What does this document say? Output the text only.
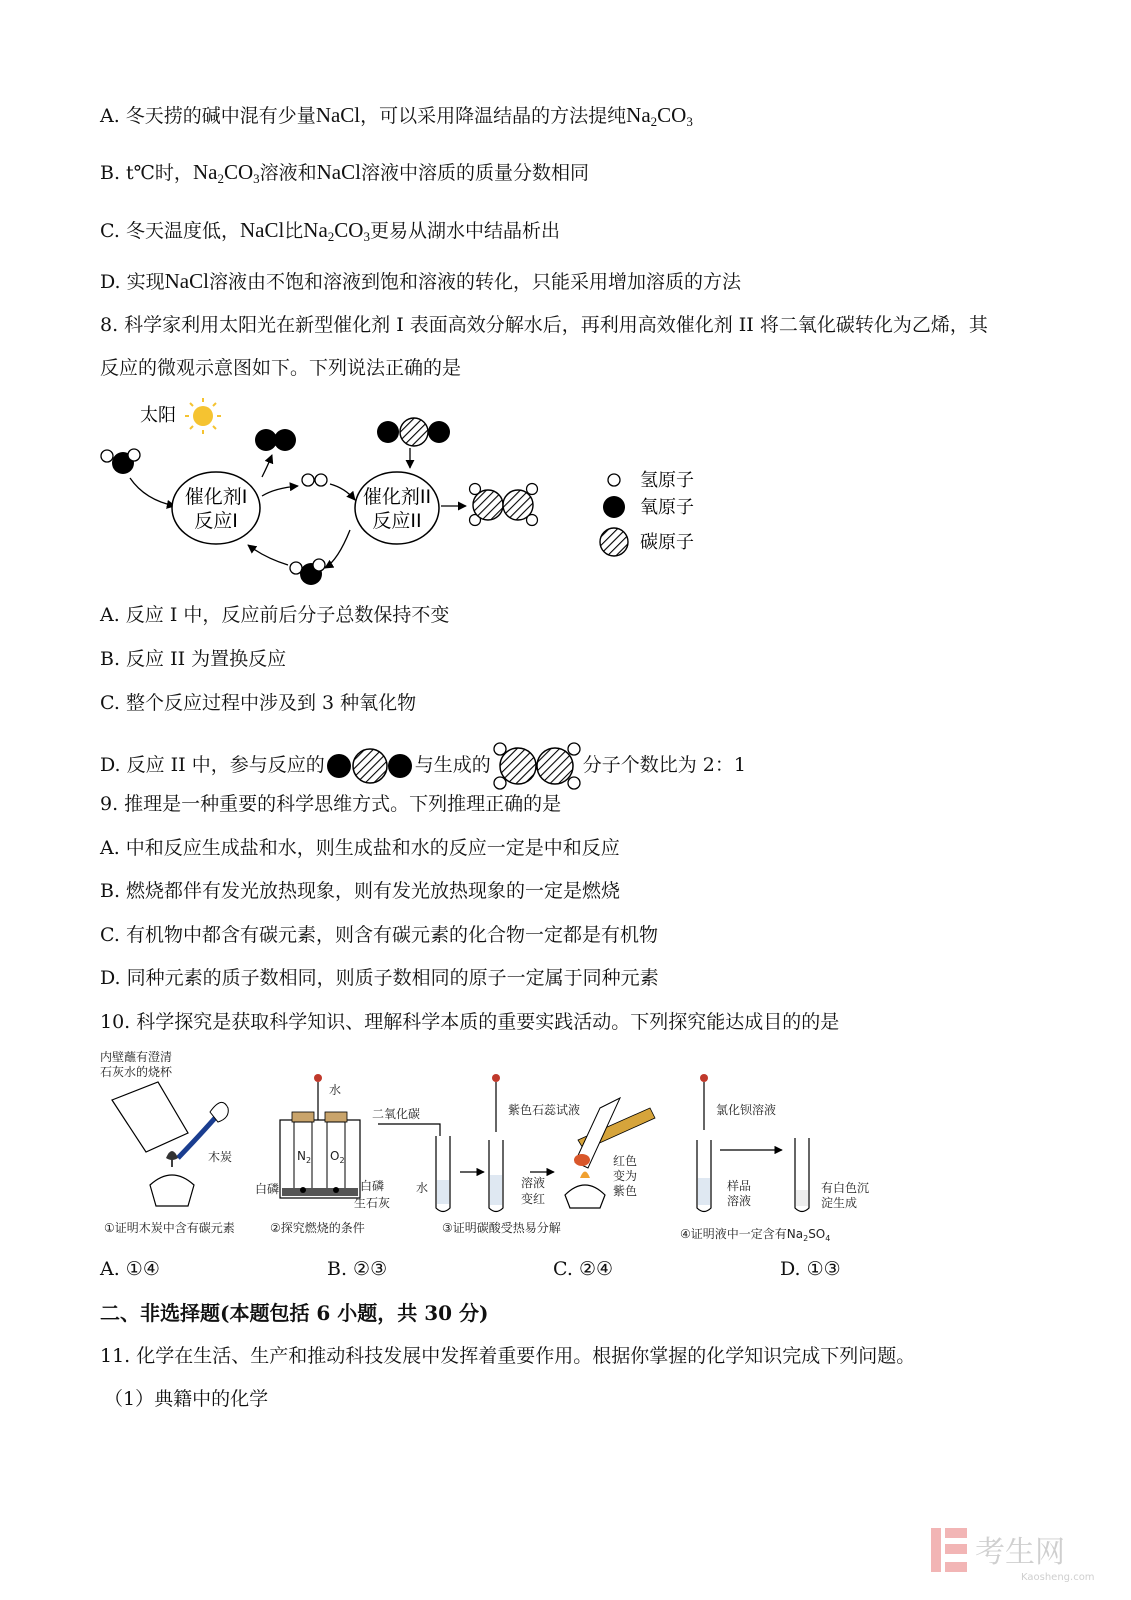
A. 冬天捞的碱中混有少量NaCl，可以采用降温结晶的方法提纯$Na_2CO_3$
B. t℃时，$Na_2CO_3$溶液和NaCl溶液中溶质的质量分数相同
C. 冬天温度低，NaCl比$Na_2CO_3$更易从湖水中结晶析出
D. 实现NaCl溶液由不饱和溶液到饱和溶液的转化，只能采用增加溶质的方法
8. 科学家利用太阳光在新型催化剂 I 表面高效分解水后，再利用高效催化剂 II 将二氧化碳转化为乙烯，其
反应的微观示意图如下。下列说法正确的是
太阳
催化剂I
反应I
催化剂II
反应II
氢原子
氧原子
碳原子
A. 反应 I 中，反应前后分子总数保持不变
B. 反应 II 为置换反应
C. 整个反应过程中涉及到 3 种氧化物
D. 反应 II 中，参与反应的	与生成的	分子个数比为 2：1
9. 推理是一种重要的科学思维方式。下列推理正确的是
A. 中和反应生成盐和水，则生成盐和水的反应一定是中和反应
B. 燃烧都伴有发光放热现象，则有发光放热现象的一定是燃烧
C. 有机物中都含有碳元素，则含有碳元素的化合物一定都是有机物
D. 同种元素的质子数相同，则质子数相同的原子一定属于同种元素
10. 科学探究是获取科学知识、理解科学本质的重要实践活动。下列探究能达成目的的是
内壁蘸有澄清
石灰水的烧杯
木炭
①证明木炭中含有碳元素
水
$N_2$ $O_2$
白磷	白磷
生石灰
②探究燃烧的条件
二氧化碳
水
紫色石蕊试液
溶液
变红
红色
变为
紫色
③证明碳酸受热易分解
氯化钡溶液
样品
溶液
有白色沉
淀生成
④证明液中一定含有$Na_2SO_4$
A. ①④	B. ②③	C. ②④	D. ①③
二、非选择题(本题包括 6 小题，共 30 分)
11. 化学在生活、生产和推动科技发展中发挥着重要作用。根据你掌握的化学知识完成下列问题。
（1）典籍中的化学
考生网
Kaosheng.com
